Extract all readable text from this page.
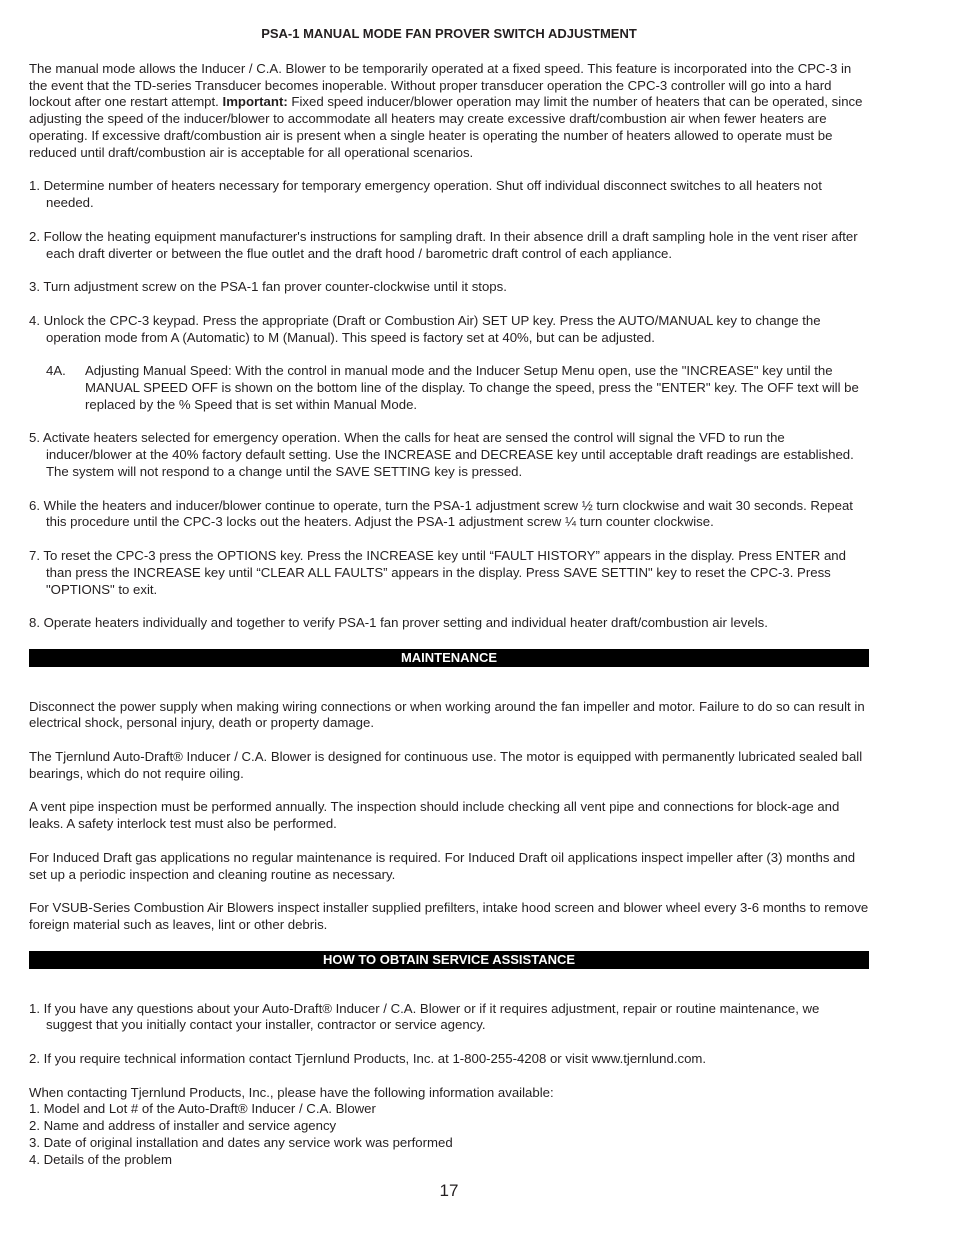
PSA-1 MANUAL MODE FAN PROVER SWITCH ADJUSTMENT

The manual mode allows the Inducer / C.A. Blower to be temporarily operated at a fixed speed. This feature is incorporated into the CPC-3 in the event that the TD-series Transducer becomes inoperable. Without proper transducer operation the CPC-3 controller will go into a hard lockout after one restart attempt. Important: Fixed speed inducer/blower operation may limit the number of heaters that can be operated, since adjusting the speed of the inducer/blower to accommodate all heaters may create excessive draft/combustion air when fewer heaters are operating. If excessive draft/combustion air is present when a single heater is operating the number of heaters allowed to operate must be reduced until draft/combustion air is acceptable for all operational scenarios.

1. Determine number of heaters necessary for temporary emergency operation. Shut off individual disconnect switches to all heaters not needed.
2. Follow the heating equipment manufacturer's instructions for sampling draft. In their absence drill a draft sampling hole in the vent riser after each draft diverter or between the flue outlet and the draft hood / barometric draft control of each appliance.
3. Turn adjustment screw on the PSA-1 fan prover counter-clockwise until it stops.
4. Unlock the CPC-3 keypad. Press the appropriate (Draft or Combustion Air) SET UP key. Press the AUTO/MANUAL key to change the operation mode from A (Automatic) to M (Manual). This speed is factory set at 40%, but can be adjusted.
4A. Adjusting Manual Speed: With the control in manual mode and the Inducer Setup Menu open, use the "INCREASE" key until the MANUAL SPEED OFF is shown on the bottom line of the display. To change the speed, press the "ENTER" key. The OFF text will be replaced by the % Speed that is set within Manual Mode.
5. Activate heaters selected for emergency operation. When the calls for heat are sensed the control will signal the VFD to run the inducer/blower at the 40% factory default setting. Use the INCREASE and DECREASE key until acceptable draft readings are established. The system will not respond to a change until the SAVE SETTING key is pressed.
6. While the heaters and inducer/blower continue to operate, turn the PSA-1 adjustment screw ½ turn clockwise and wait 30 seconds. Repeat this procedure until the CPC-3 locks out the heaters. Adjust the PSA-1 adjustment screw ¼ turn counter clockwise.
7. To reset the CPC-3 press the OPTIONS key. Press the INCREASE key until “FAULT HISTORY” appears in the display. Press ENTER and than press the INCREASE key until “CLEAR ALL FAULTS” appears in the display. Press SAVE SETTIN" key to reset the CPC-3. Press "OPTIONS" to exit.
8. Operate heaters individually and together to verify PSA-1 fan prover setting and individual heater draft/combustion air levels.
MAINTENANCE

Disconnect the power supply when making wiring connections or when working around the fan impeller and motor. Failure to do so can result in electrical shock, personal injury, death or property damage.

The Tjernlund Auto-Draft® Inducer / C.A. Blower is designed for continuous use. The motor is equipped with permanently lubricated sealed ball bearings, which do not require oiling.

A vent pipe inspection must be performed annually. The inspection should include checking all vent pipe and connections for block-age and leaks. A safety interlock test must also be performed.

For Induced Draft gas applications no regular maintenance is required. For Induced Draft oil applications inspect impeller after (3) months and set up a periodic inspection and cleaning routine as necessary.

For VSUB-Series Combustion Air Blowers inspect installer supplied prefilters, intake hood screen and blower wheel every 3-6 months to remove foreign material such as leaves, lint or other debris.

HOW TO OBTAIN SERVICE ASSISTANCE
1. If you have any questions about your Auto-Draft® Inducer / C.A. Blower or if it requires adjustment, repair or routine maintenance, we suggest that you initially contact your installer, contractor or service agency.
2. If you require technical information contact Tjernlund Products, Inc. at 1-800-255-4208 or visit www.tjernlund.com.
When contacting Tjernlund Products, Inc., please have the following information available:
1. Model and Lot # of the Auto-Draft® Inducer / C.A. Blower
2. Name and address of installer and service agency
3. Date of original installation and dates any service work was performed
4. Details of the problem
17
